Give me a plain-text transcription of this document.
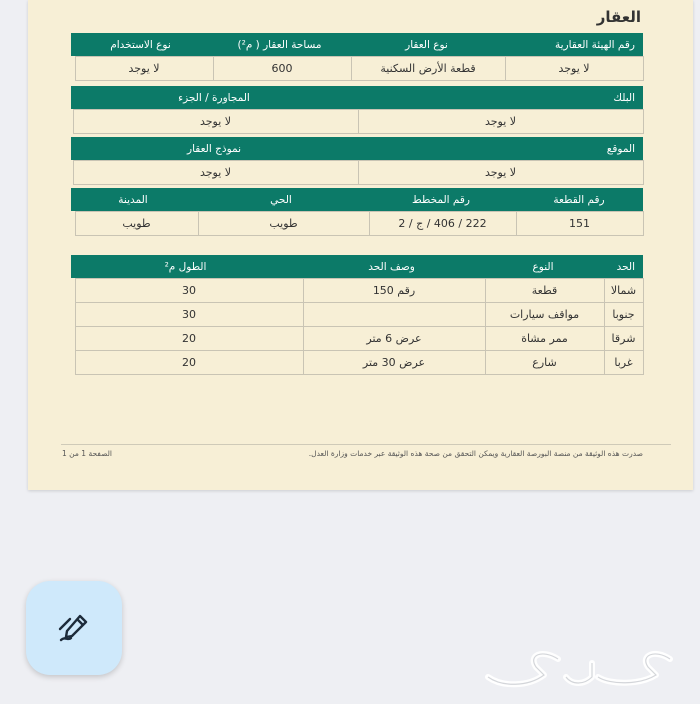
العقار
رقم الهيئة العقارية
نوع العقار
مساحة العقار ( م²)
نوع الاستخدام
لا يوجد
قطعة الأرض السكنية
600
لا يوجد
البلك
المجاورة / الجزء
لا يوجد
لا يوجد
الموقع
نموذج العقار
لا يوجد
لا يوجد
رقم القطعة
رقم المخطط
الحي
المدينة
151
222 / 406 / ج / 2
طويب
طويب
الحد
النوع
وصف الحد
الطول م²
شمالا
قطعة
رقم 150
30
جنوبا
مواقف سيارات
30
شرقا
ممر مشاة
عرض 6 متر
20
غربا
شارع
عرض 30 متر
20
صدرت هذه الوثيقة من منصة البورصة العقارية ويمكن التحقق من صحة هذه الوثيقة عبر خدمات وزارة العدل.
الصفحة 1 من 1
